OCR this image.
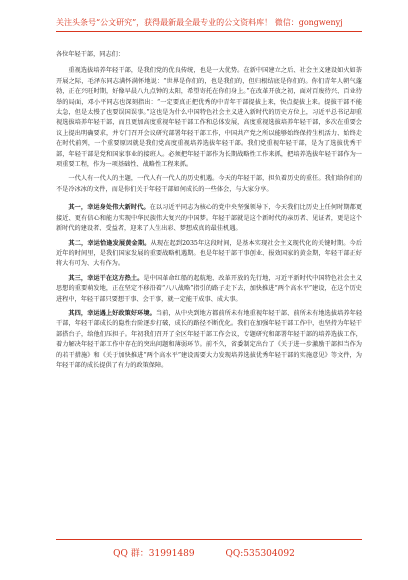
关注头条号“公文研究”，获得最新最全最专业的公文资料库！ 微信：gongwenyj

各位年轻干部，同志们：

重视选拔培养年轻干部，是我们党的优良传统，也是一大优势。在新中国建立之后、社会主义建设如火如荼开展之际，毛泽东同志满怀满怀地说：“世界是你们的，也是我们的，但归根结底是你们的。你们青年人朝气蓬勃，正在兴旺时期，好像早晨八九点钟的太阳，希望寄托在你们身上。”在改革开放之初，面对百废待兴、百业待举的局面，邓小平同志也深刻指出：“一定要真正把优秀的中青年干部提拔上来，快点提拔上来。提拔干部不能太急，但是太慢了也要误国误事。”这也是为什么中国特色社会主义进入新时代的历史方位上，习近平总书记却重视选拔培养年轻干部，而且更加高度重视年轻干部工作和总体发展，高度重视选拔培养年轻干部，多次在重要会议上提出明确要求，并专门召开会议研究部署年轻干部工作，中国共产党之所以能够始终保持生机活力、始终走在时代前列，一个重要原因就是我们党高度重视培养选拔年轻干部。我们党重视年轻干部，是为了选拔优秀干部，年轻干部是党和国家事业的接班人。必须把年轻干部作为长期战略性工作来抓，把培养选拔年轻干部作为一项重要工程，作为一项基础性、战略性工程来抓。

一代人有一代人的主题，一代人有一代人的历史机遇。今天的年轻干部，担负着历史的重任。我们给你们的不是冷冰冰的文件，而是你们关于年轻干部如何成长的一些体会，与大家分享。

其一，幸运身处伟大新时代。在以习近平同志为核心的党中央坚强领导下，今天我们比历史上任何时期都更接近、更有信心和能力实现中华民族伟大复兴的中国梦。年轻干部就是这个新时代的亲历者、见证者，更是这个新时代的建设者、受益者，迎来了人生出彩、梦想成真的最佳机遇。

其二，幸运恰逢发展黄金期。从现在起到2035年这段时间，是基本实现社会主义现代化的关键时期。今后近年的时间里，是我们国家发展的重要战略机遇期。也是年轻干部干事创业、报效国家的黄金期，年轻干部正好将大有可为、大有作为。

其三，幸运干在这方热土。是中国革命红船的起航地、改革开放的先行地，习近平新时代中国特色社会主义思想的重要萌发地，正在坚定不移沿着“八八战略”指引的路子走下去，加快推进“两个高水平”建设，在这个历史进程中，年轻干部只要想干事、会干事，就一定能干成事、成大事。

其四，幸运遇上好政策好环境。当前，从中央到地方都前所未有地重视年轻干部、前所未有地选拔培养年轻干部，年轻干部成长的隐性台阶逐步打破，成长的路径不断优化。我们在加强年轻干部工作中，也坚持为年轻干部搭台子，给他们压担子。年初我们召开了全区年轻干部工作会议，专题研究和部署年轻干部的培养选拔工作，着力解决年轻干部工作中存在的突出问题和薄弱环节。前不久，省委制定出台了《关于进一步激励干部担当作为的若干措施》和《关于加快推进“两个高水平”建设需要大力发现培养选拔优秀年轻干部的实施意见》等文件，为年轻干部的成长提供了有力的政策保障。

QQ 群：31991489	QQ:535304092
